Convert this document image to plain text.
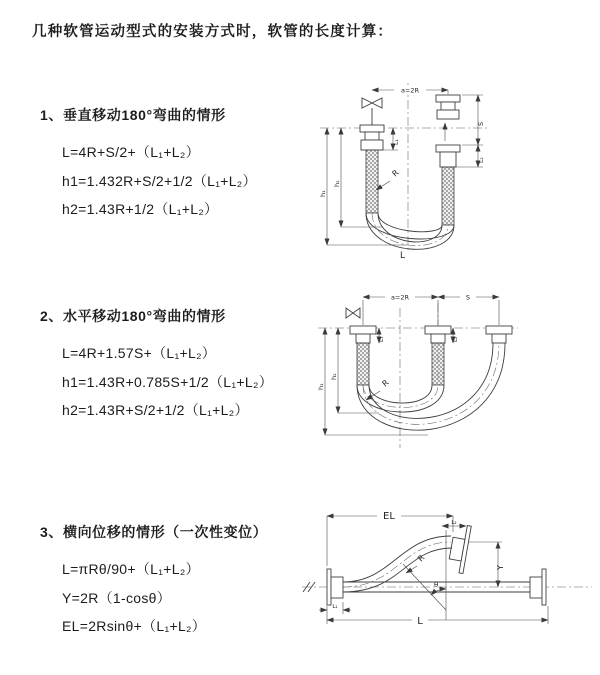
几种软管运动型式的安装方式时，软管的长度计算：
1、垂直移动180°弯曲的情形
L=4R+S/2+（L₁+L₂）
h1=1.432R+S/2+1/2（L₁+L₂）
h2=1.43R+1/2（L₁+L₂）
2、水平移动180°弯曲的情形
L=4R+1.57S+（L₁+L₂）
h1=1.43R+0.785S+1/2（L₁+L₂）
h2=1.43R+S/2+1/2（L₁+L₂）
3、横向位移的情形（一次性变位）
L=πRθ/90+（L₁+L₂）
Y=2R（1-cosθ）
EL=2Rsinθ+（L₁+L₂）
a=2R
L₁
S
L₂
h₁
h₂
R
L
a=2R	S
L₁	L₂
h₁
h₂
R
EL
L₂
Y
θ
R
L
L₁
